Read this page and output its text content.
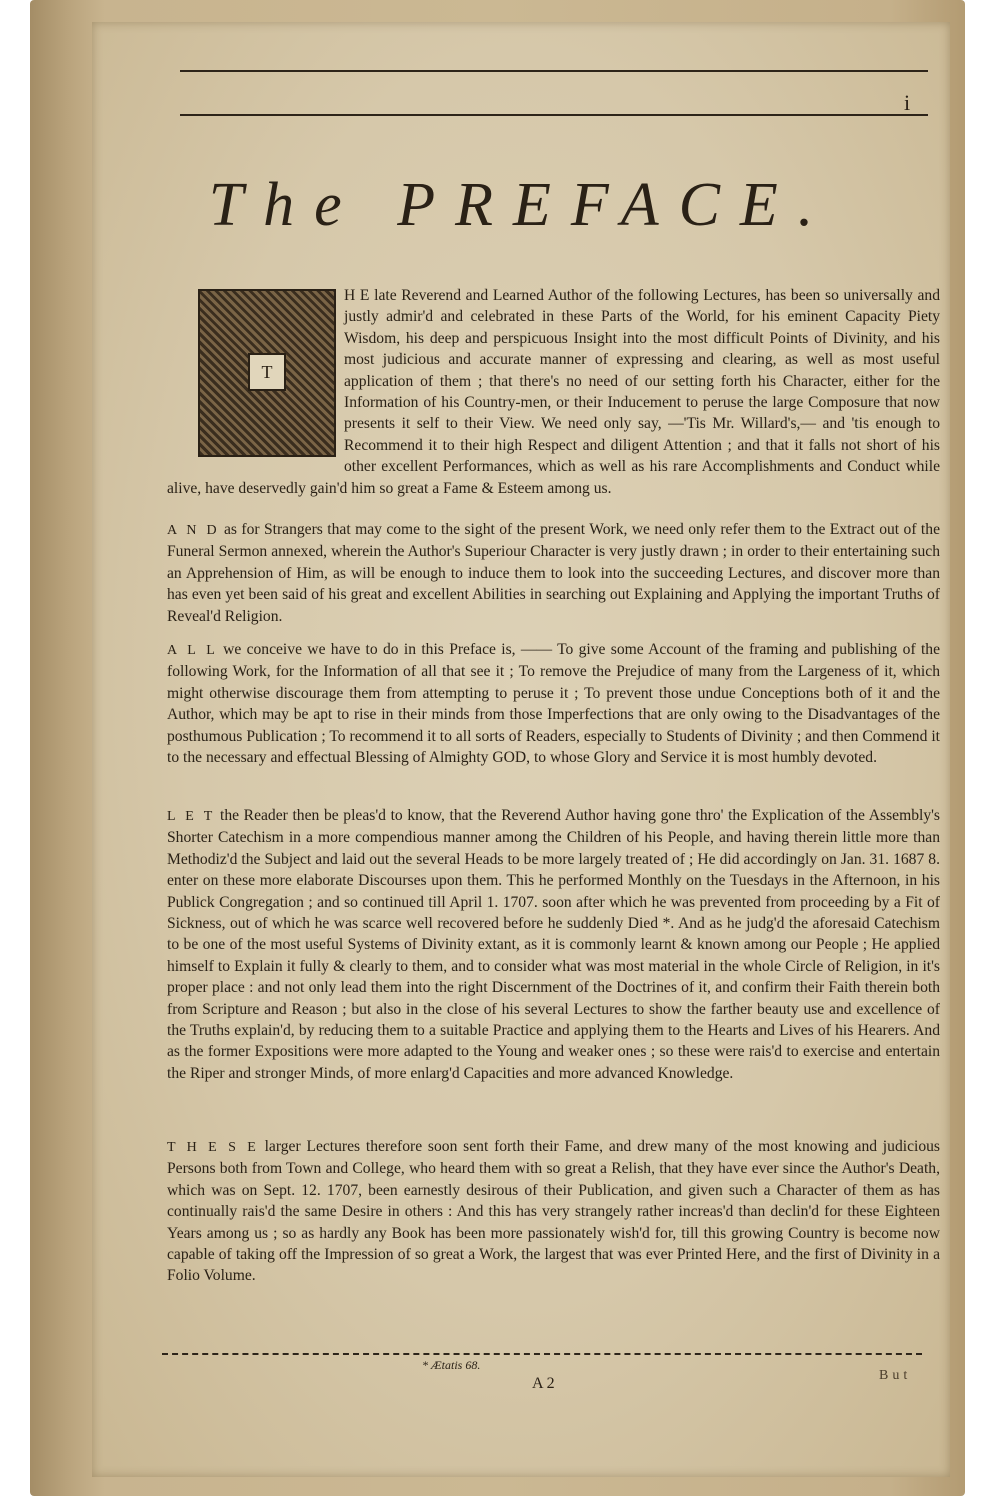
i
The PREFACE.
T

H E late Reverend and Learned Author of the following Lectures, has been so universally and justly admir'd and celebrated in these Parts of the World, for his eminent Capacity Piety Wisdom, his deep and perspicuous Insight into the most difficult Points of Divinity, and his most judicious and accurate manner of expressing and clearing, as well as most useful application of them ; that there's no need of our setting forth his Character, either for the Information of his Country-men, or their Inducement to peruse the large Composure that now presents it self to their View. We need only say, —'Tis Mr. Willard's,— and 'tis enough to Recommend it to their high Respect and diligent Attention ; and that it falls not short of his other excellent Performances, which as well as his rare Accomplishments and Conduct while alive, have deservedly gain'd him so great a Fame & Esteem among us.

A N D as for Strangers that may come to the sight of the present Work, we need only refer them to the Extract out of the Funeral Sermon annexed, wherein the Author's Superiour Character is very justly drawn ; in order to their entertaining such an Apprehension of Him, as will be enough to induce them to look into the succeeding Lectures, and discover more than has even yet been said of his great and excellent Abilities in searching out Explaining and Applying the important Truths of Reveal'd Religion.

A L L we conceive we have to do in this Preface is, —— To give some Account of the framing and publishing of the following Work, for the Information of all that see it ; To remove the Prejudice of many from the Largeness of it, which might otherwise discourage them from attempting to peruse it ; To prevent those undue Conceptions both of it and the Author, which may be apt to rise in their minds from those Imperfections that are only owing to the Disadvantages of the posthumous Publication ; To recommend it to all sorts of Readers, especially to Students of Divinity ; and then Commend it to the necessary and effectual Blessing of Almighty GOD, to whose Glory and Service it is most humbly devoted.

L E T the Reader then be pleas'd to know, that the Reverend Author having gone thro' the Explication of the Assembly's Shorter Catechism in a more compendious manner among the Children of his People, and having therein little more than Methodiz'd the Subject and laid out the several Heads to be more largely treated of ; He did accordingly on Jan. 31. 1687 8. enter on these more elaborate Discourses upon them. This he performed Monthly on the Tuesdays in the Afternoon, in his Publick Congregation ; and so continued till April 1. 1707. soon after which he was prevented from proceeding by a Fit of Sickness, out of which he was scarce well recovered before he suddenly Died *. And as he judg'd the aforesaid Catechism to be one of the most useful Systems of Divinity extant, as it is commonly learnt & known among our People ; He applied himself to Explain it fully & clearly to them, and to consider what was most material in the whole Circle of Religion, in it's proper place : and not only lead them into the right Discernment of the Doctrines of it, and confirm their Faith therein both from Scripture and Reason ; but also in the close of his several Lectures to show the farther beauty use and excellence of the Truths explain'd, by reducing them to a suitable Practice and applying them to the Hearts and Lives of his Hearers. And as the former Expositions were more adapted to the Young and weaker ones ; so these were rais'd to exercise and entertain the Riper and stronger Minds, of more enlarg'd Capacities and more advanced Knowledge.

T H E S E larger Lectures therefore soon sent forth their Fame, and drew many of the most knowing and judicious Persons both from Town and College, who heard them with so great a Relish, that they have ever since the Author's Death, which was on Sept. 12. 1707, been earnestly desirous of their Publication, and given such a Character of them as has continually rais'd the same Desire in others : And this has very strangely rather increas'd than declin'd for these Eighteen Years among us ; so as hardly any Book has been more passionately wish'd for, till this growing Country is become now capable of taking off the Impression of so great a Work, the largest that was ever Printed Here, and the first of Divinity in a Folio Volume.

* Ætatis 68.
A 2	But
